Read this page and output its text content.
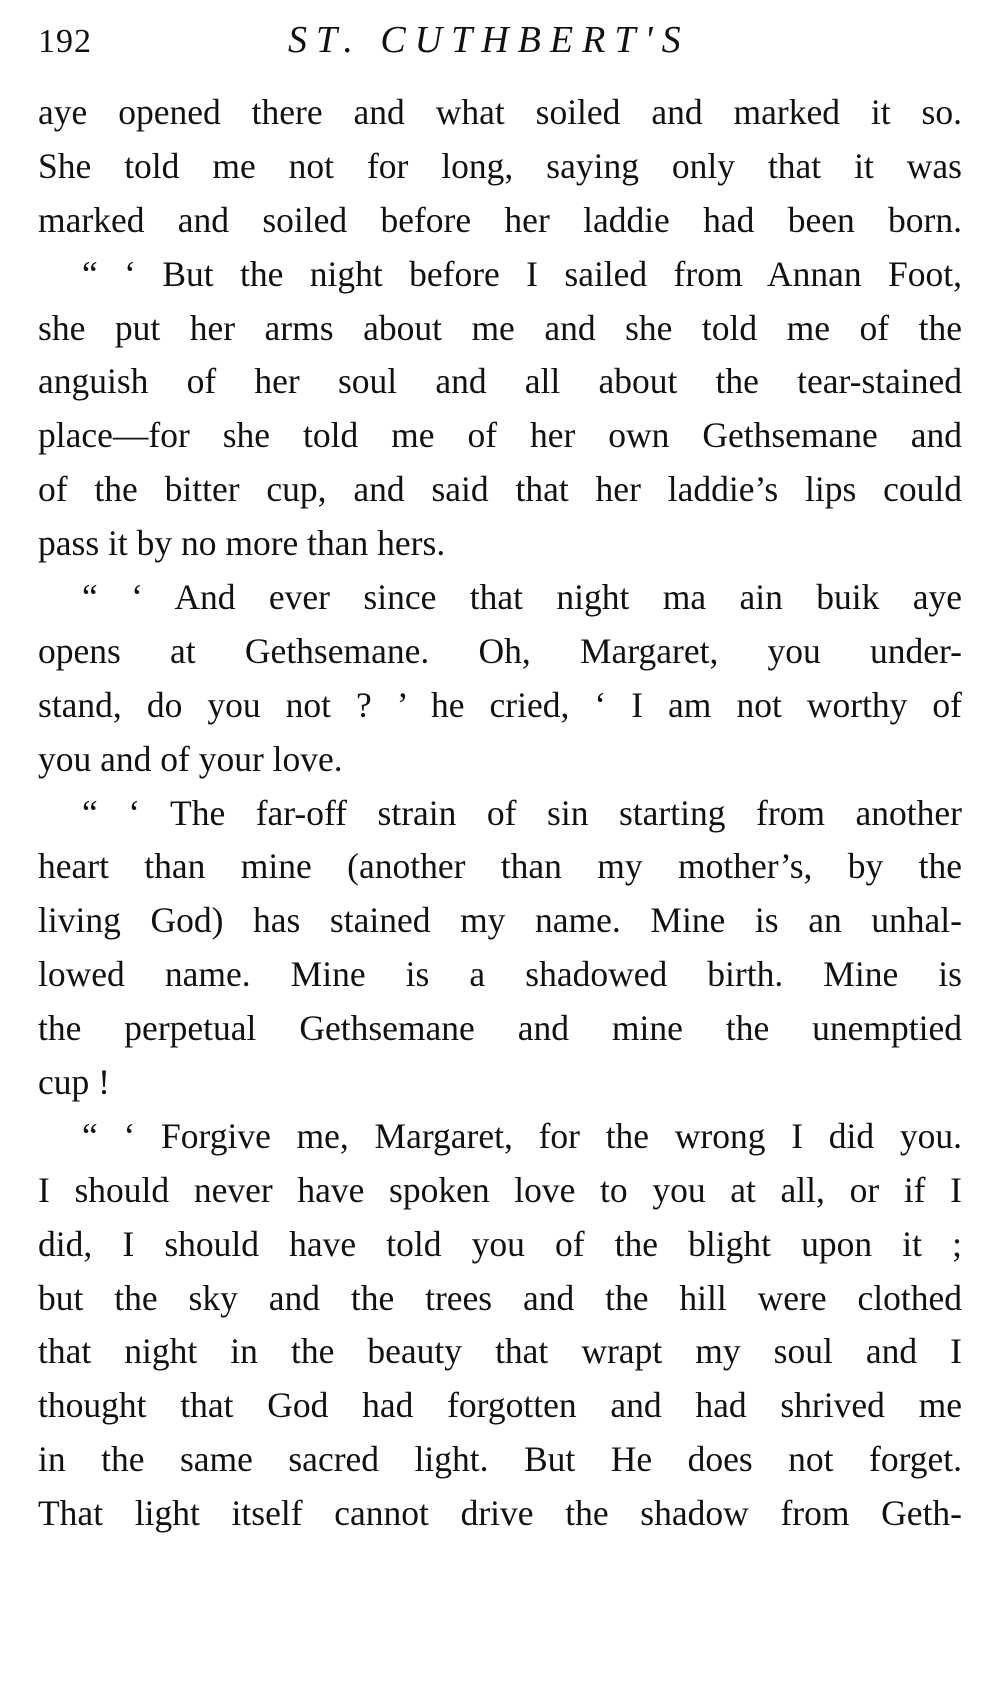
192	ST. CUTHBERT'S
aye opened there and what soiled and marked it so.
She told me not for long, saying only that it was
marked and soiled before her laddie had been born.
“ ‘ But the night before I sailed from Annan Foot,
she put her arms about me and she told me of the
anguish of her soul and all about the tear-stained
place—for she told me of her own Gethsemane and
of the bitter cup, and said that her laddie’s lips could
pass it by no more than hers.
“ ‘ And ever since that night ma ain buik aye
opens at Gethsemane. Oh, Margaret, you under-
stand, do you not ? ’ he cried, ‘ I am not worthy of
you and of your love.
“ ‘ The far-off strain of sin starting from another
heart than mine (another than my mother’s, by the
living God) has stained my name. Mine is an unhal-
lowed name. Mine is a shadowed birth. Mine is
the perpetual Gethsemane and mine the unemptied
cup !
“ ‘ Forgive me, Margaret, for the wrong I did you.
I should never have spoken love to you at all, or if I
did, I should have told you of the blight upon it ;
but the sky and the trees and the hill were clothed
that night in the beauty that wrapt my soul and I
thought that God had forgotten and had shrived me
in the same sacred light. But He does not forget.
That light itself cannot drive the shadow from Geth-
